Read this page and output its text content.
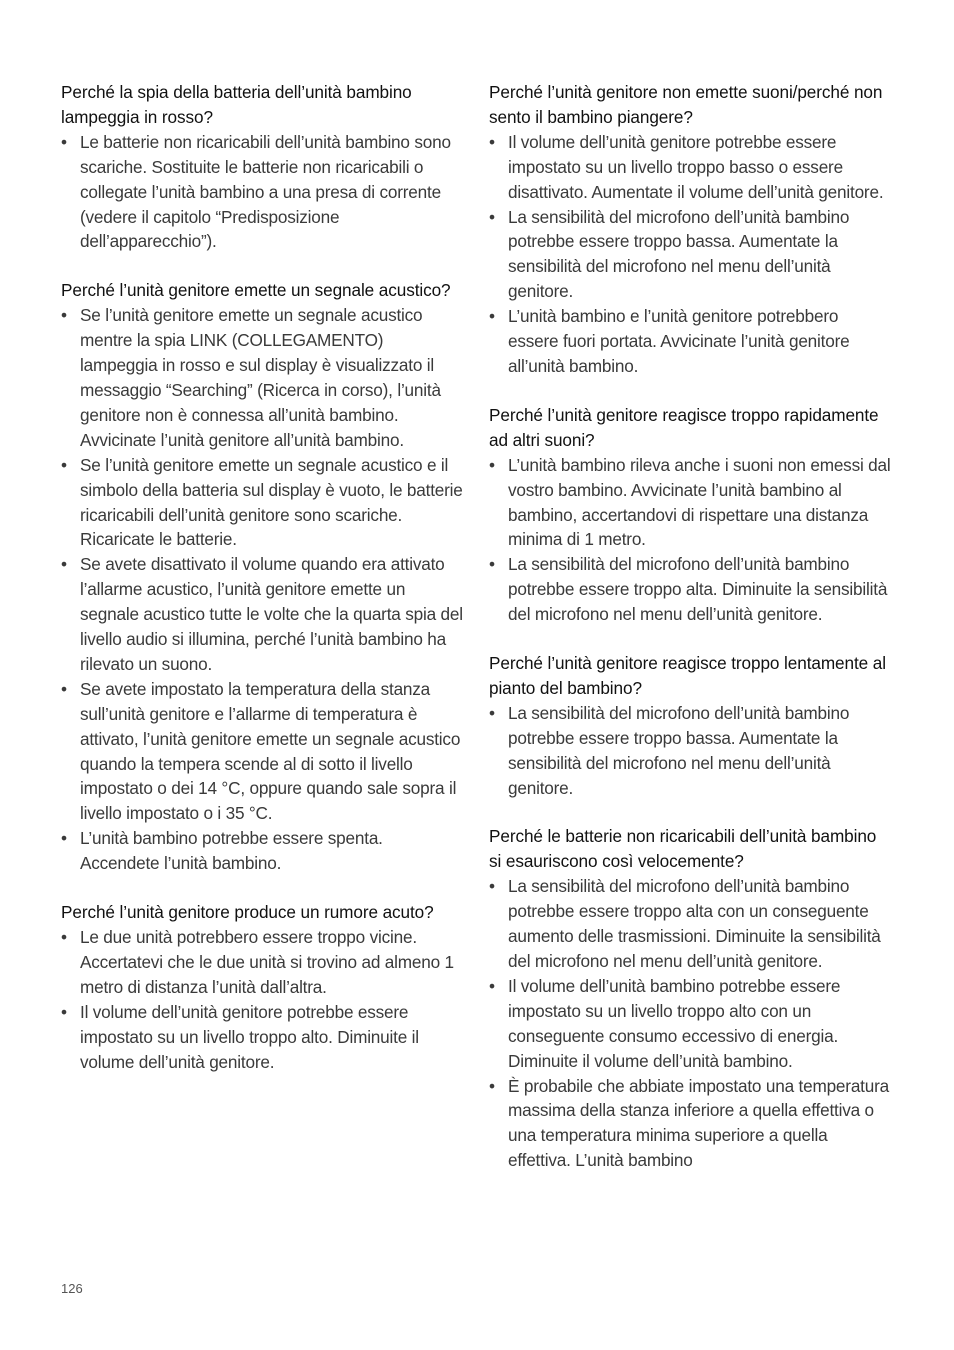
Perché la spia della batteria dell’unità bambino lampeggia in rosso?

• Le batterie non ricaricabili dell’unità bambino sono scariche. Sostituite le batterie non ricaricabili o collegate l’unità bambino a una presa di corrente (vedere il capitolo “Predisposizione dell’apparecchio”).

Perché l’unità genitore emette un segnale acustico?

• Se l’unità genitore emette un segnale acustico mentre la spia LINK (COLLEGAMENTO) lampeggia in rosso e sul display è visualizzato il messaggio “Searching” (Ricerca in corso), l’unità genitore non è connessa all’unità bambino. Avvicinate l’unità genitore all’unità bambino.
• Se l’unità genitore emette un segnale acustico e il simbolo della batteria sul display è vuoto, le batterie ricaricabili dell’unità genitore sono scariche. Ricaricate le batterie.
• Se avete disattivato il volume quando era attivato l’allarme acustico, l’unità genitore emette un segnale acustico tutte le volte che la quarta spia del livello audio si illumina, perché l’unità bambino ha rilevato un suono.
• Se avete impostato la temperatura della stanza sull’unità genitore e l’allarme di temperatura è attivato, l’unità genitore emette un segnale acustico quando la tempera scende al di sotto il livello impostato o dei 14 °C, oppure quando sale sopra il livello impostato o i 35 °C.
• L’unità bambino potrebbe essere spenta. Accendete l’unità bambino.

Perché l’unità genitore produce un rumore acuto?

• Le due unità potrebbero essere troppo vicine. Accertatevi che le due unità si trovino ad almeno 1 metro di distanza l’unità dall’altra.
• Il volume dell’unità genitore potrebbe essere impostato su un livello troppo alto. Diminuite il volume dell’unità genitore.

Perché l’unità genitore non emette suoni/perché non sento il bambino piangere?

• Il volume dell’unità genitore potrebbe essere impostato su un livello troppo basso o essere disattivato. Aumentate il volume dell’unità genitore.
• La sensibilità del microfono dell’unità bambino potrebbe essere troppo bassa. Aumentate la sensibilità del microfono nel menu dell’unità genitore.
• L’unità bambino e l’unità genitore potrebbero essere fuori portata. Avvicinate l’unità genitore all’unità bambino.

Perché l’unità genitore reagisce troppo rapidamente ad altri suoni?

• L’unità bambino rileva anche i suoni non emessi dal vostro bambino. Avvicinate l’unità bambino al bambino, accertandovi di rispettare una distanza minima di 1 metro.
• La sensibilità del microfono dell’unità bambino potrebbe essere troppo alta. Diminuite la sensibilità del microfono nel menu dell’unità genitore.

Perché l’unità genitore reagisce troppo lentamente al pianto del bambino?

• La sensibilità del microfono dell’unità bambino potrebbe essere troppo bassa. Aumentate la sensibilità del microfono nel menu dell’unità genitore.

Perché le batterie non ricaricabili dell’unità bambino si esauriscono così velocemente?

• La sensibilità del microfono dell’unità bambino potrebbe essere troppo alta con un conseguente aumento delle trasmissioni. Diminuite la sensibilità del microfono nel menu dell’unità genitore.
• Il volume dell’unità bambino potrebbe essere impostato su un livello troppo alto con un conseguente consumo eccessivo di energia. Diminuite il volume dell’unità bambino.
• È probabile che abbiate impostato una temperatura massima della stanza inferiore a quella effettiva o una temperatura minima superiore a quella effettiva. L’unità bambino
126
